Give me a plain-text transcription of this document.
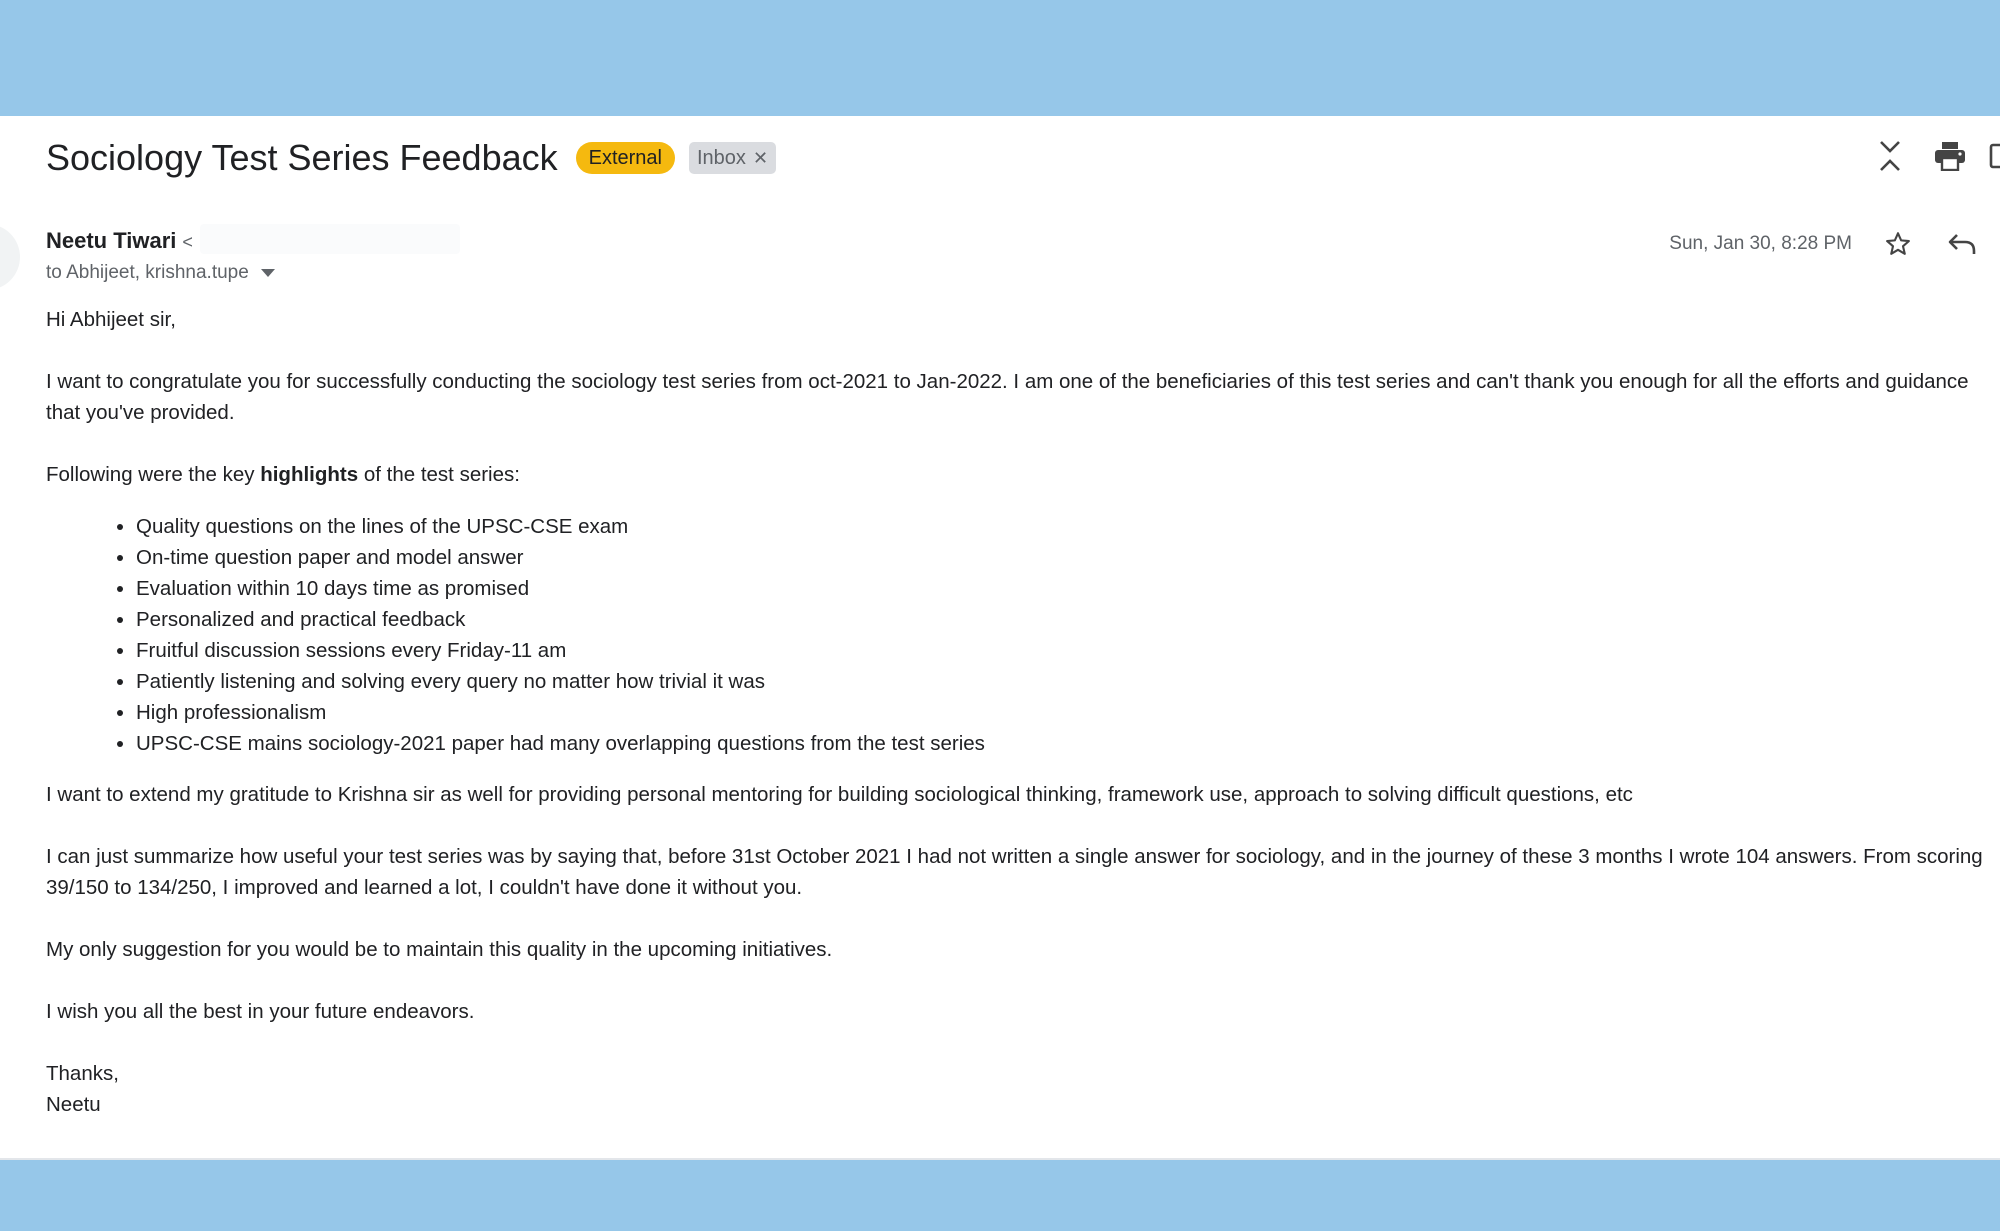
Sociology Test Series Feedback	External	Inbox ✕
Neetu Tiwari <
to Abhijeet, krishna.tupe
Sun, Jan 30, 8:28 PM

Hi Abhijeet sir,

I want to congratulate you for successfully conducting the sociology test series from oct-2021 to Jan-2022. I am one of the beneficiaries of this test series and can't thank you enough for all the efforts and guidance that you've provided.

Following were the key highlights of the test series:

• Quality questions on the lines of the UPSC-CSE exam
• On-time question paper and model answer
• Evaluation within 10 days time as promised
• Personalized and practical feedback
• Fruitful discussion sessions every Friday-11 am
• Patiently listening and solving every query no matter how trivial it was
• High professionalism
• UPSC-CSE mains sociology-2021 paper had many overlapping questions from the test series

I want to extend my gratitude to Krishna sir as well for providing personal mentoring for building sociological thinking, framework use, approach to solving difficult questions, etc

I can just summarize how useful your test series was by saying that, before 31st October 2021 I had not written a single answer for sociology, and in the journey of these 3 months I wrote 104 answers. From scoring 39/150 to 134/250, I improved and learned a lot, I couldn't have done it without you.

My only suggestion for you would be to maintain this quality in the upcoming initiatives.

I wish you all the best in your future endeavors.

Thanks,

Neetu
